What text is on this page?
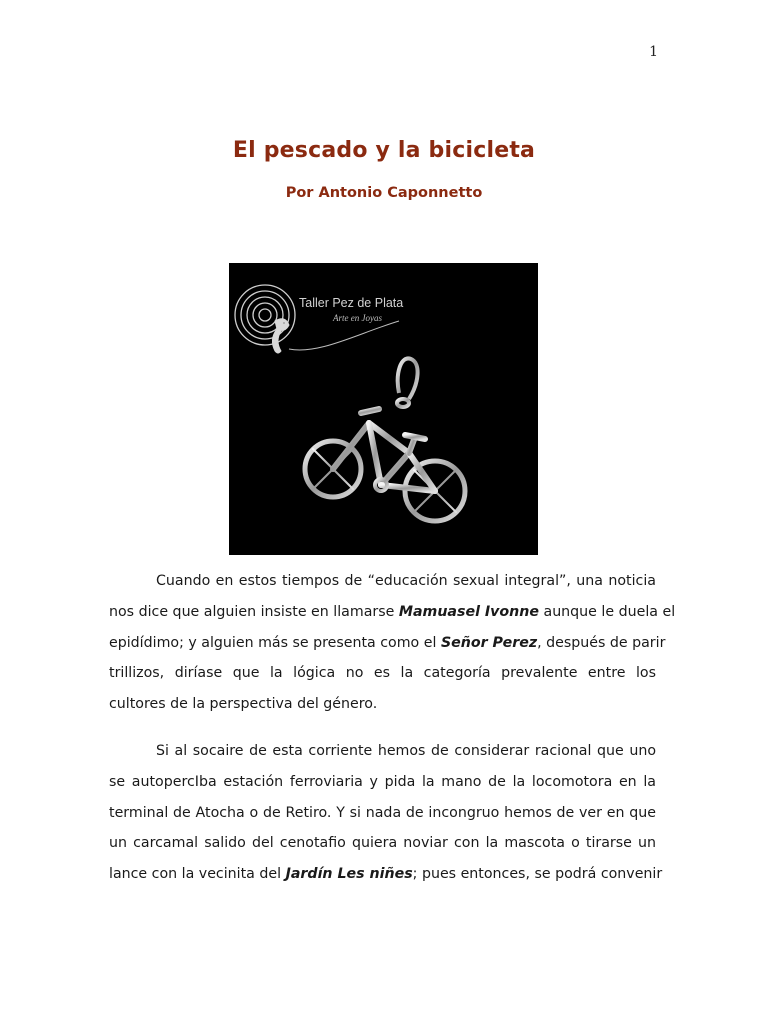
1
El pescado y la bicicleta
Por Antonio Caponnetto
Taller Pez de Plata
Arte en Joyas
Cuando en estos tiempos de “educación sexual integral”, una noticia
nos dice que alguien insiste en llamarse Mamuasel Ivonne aunque le duela el
epidídimo; y alguien más se presenta como el Señor Perez, después de parir
trillizos, diríase que la lógica no es la categoría prevalente entre los
cultores de la perspectiva del género.
Si al socaire de esta corriente hemos de considerar racional que uno
se autopercIba estación ferroviaria y pida la mano de la locomotora en la
terminal de Atocha o de Retiro. Y si nada de incongruo hemos de ver en que
un carcamal salido del cenotafio quiera noviar con la mascota o tirarse un
lance con la vecinita del Jardín Les niñes; pues entonces, se podrá convenir
